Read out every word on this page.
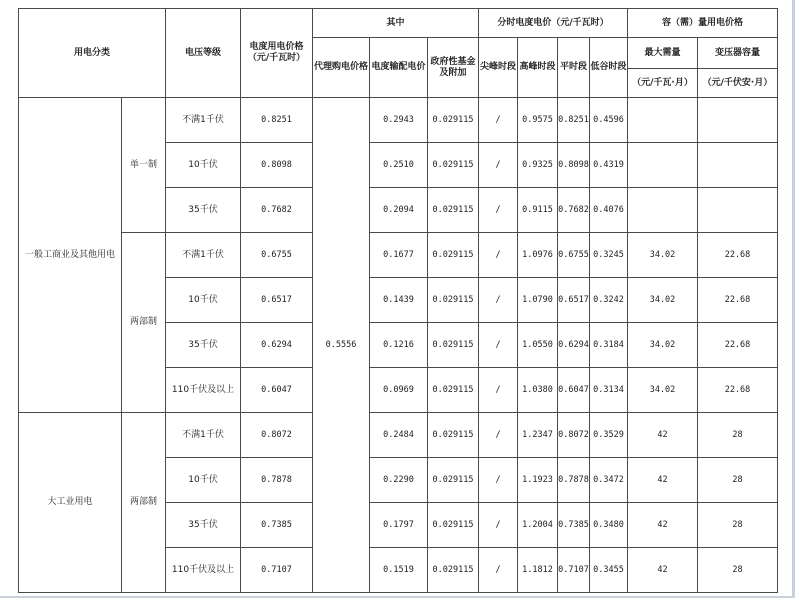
用电分类		电压等级	电度用电价格
（元/千瓦时）	其中			分时电度电价（元/千瓦时）				容（需）量用电价格	
				代理购电价格	电度输配电价	政府性基金
及附加	尖峰时段	高峰时段	平时段	低谷时段	最大需量	变压器容量
											（元/千瓦·月）	（元/千伏安·月）
一般工商业及其他用电	单一制	不满1千伏	0.8251	0.5556	0.2943	0.029115	/	0.9575	0.8251	0.4596		
		10千伏	0.8098		0.2510	0.029115	/	0.9325	0.8098	0.4319		
		35千伏	0.7682		0.2094	0.029115	/	0.9115	0.7682	0.4076		
	两部制	不满1千伏	0.6755		0.1677	0.029115	/	1.0976	0.6755	0.3245	34.02	22.68
		10千伏	0.6517		0.1439	0.029115	/	1.0790	0.6517	0.3242	34.02	22.68
		35千伏	0.6294		0.1216	0.029115	/	1.0550	0.6294	0.3184	34.02	22.68
		110千伏及以上	0.6047		0.0969	0.029115	/	1.0380	0.6047	0.3134	34.02	22.68
大工业用电	两部制	不满1千伏	0.8072		0.2484	0.029115	/	1.2347	0.8072	0.3529	42	28
		10千伏	0.7878		0.2290	0.029115	/	1.1923	0.7878	0.3472	42	28
		35千伏	0.7385		0.1797	0.029115	/	1.2004	0.7385	0.3480	42	28
		110千伏及以上	0.7107		0.1519	0.029115	/	1.1812	0.7107	0.3455	42	28
